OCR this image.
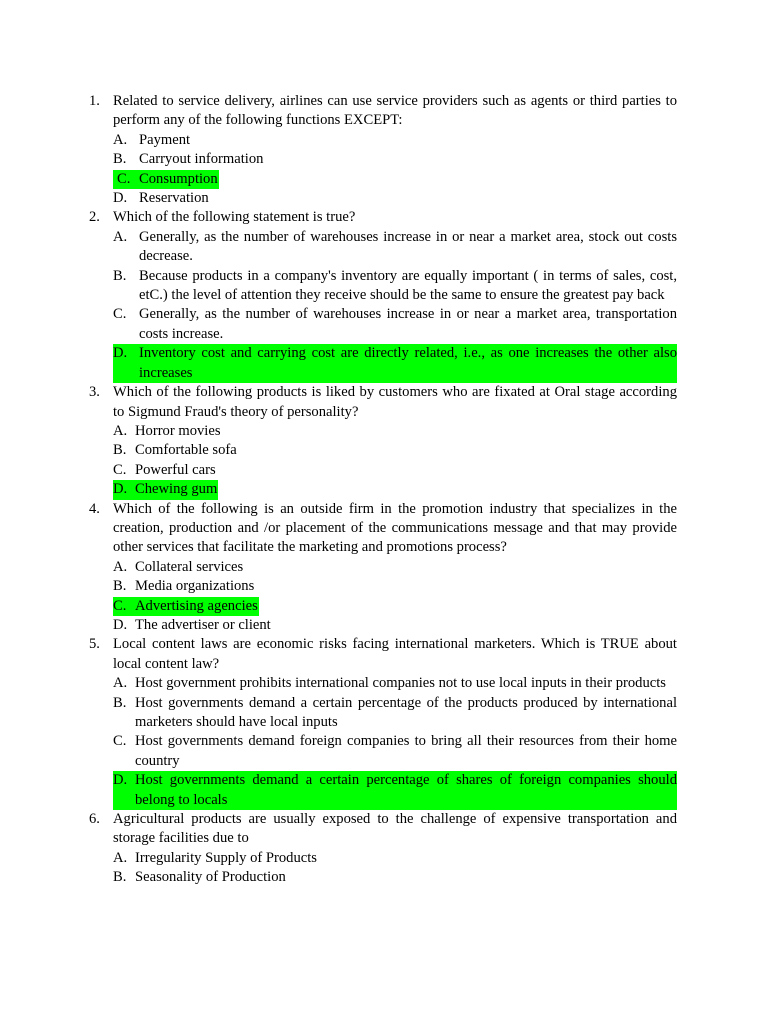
1. Related to service delivery, airlines can use service providers such as agents or third parties to perform any of the following functions EXCEPT:
A. Payment
B. Carryout information
C. Consumption
D. Reservation
2. Which of the following statement is true?
A. Generally, as the number of warehouses increase in or near a market area, stock out costs decrease.
B. Because products in a company's inventory are equally important ( in terms of sales, cost, etC.) the level of attention they receive should be the same to ensure the greatest pay back
C. Generally, as the number of warehouses increase in or near a market area, transportation costs increase.
D. Inventory cost and carrying cost are directly related, i.e., as one increases the other also increases
3. Which of the following products is liked by customers who are fixated at Oral stage according to Sigmund Fraud's theory of personality?
A. Horror movies
B. Comfortable sofa
C. Powerful cars
D. Chewing gum
4. Which of the following is an outside firm in the promotion industry that specializes in the creation, production and /or placement of the communications message and that may provide other services that facilitate the marketing and promotions process?
A. Collateral services
B. Media organizations
C. Advertising agencies
D. The advertiser or client
5. Local content laws are economic risks facing international marketers. Which is TRUE about local content law?
A. Host government prohibits international companies not to use local inputs in their products
B. Host governments demand a certain percentage of the products produced by international marketers should have local inputs
C. Host governments demand foreign companies to bring all their resources from their home country
D. Host governments demand a certain percentage of shares of foreign companies should belong to locals
6. Agricultural products are usually exposed to the challenge of expensive transportation and storage facilities due to
A. Irregularity Supply of Products
B. Seasonality of Production
